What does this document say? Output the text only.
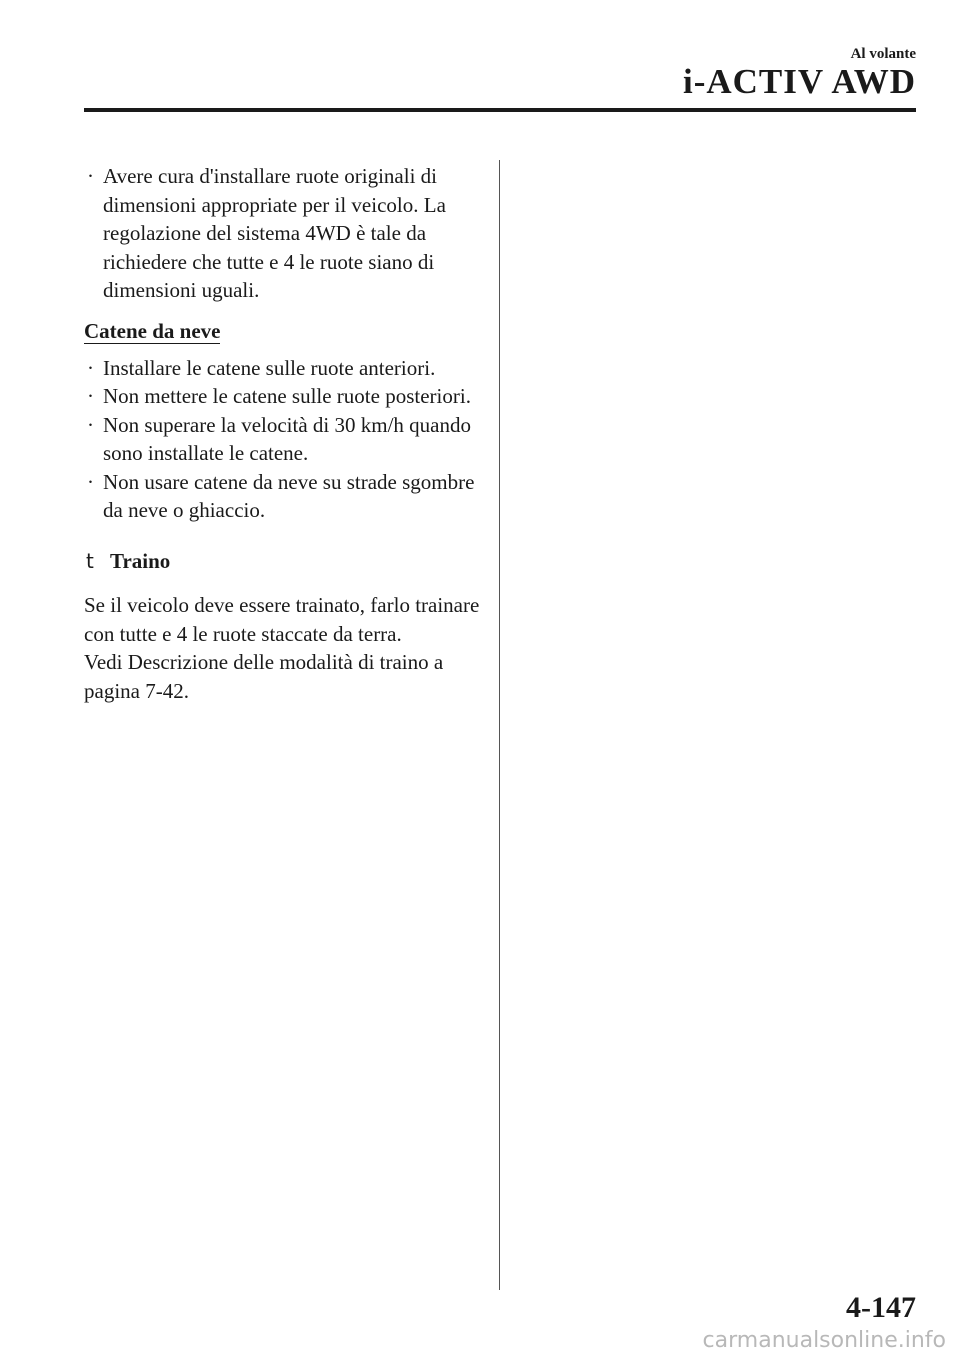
Al volante
i-ACTIV AWD
· Avere cura d'installare ruote originali di dimensioni appropriate per il veicolo. La regolazione del sistema 4WD è tale da richiedere che tutte e 4 le ruote siano di dimensioni uguali.
Catene da neve
· Installare le catene sulle ruote anteriori.
· Non mettere le catene sulle ruote posteriori.
· Non superare la velocità di 30 km/h quando sono installate le catene.
· Non usare catene da neve su strade sgombre da neve o ghiaccio.
t Traino

Se il veicolo deve essere trainato, farlo trainare con tutte e 4 le ruote staccate da terra.

Vedi Descrizione delle modalità di traino a pagina 7-42.

4-147
carmanualsonline.info
